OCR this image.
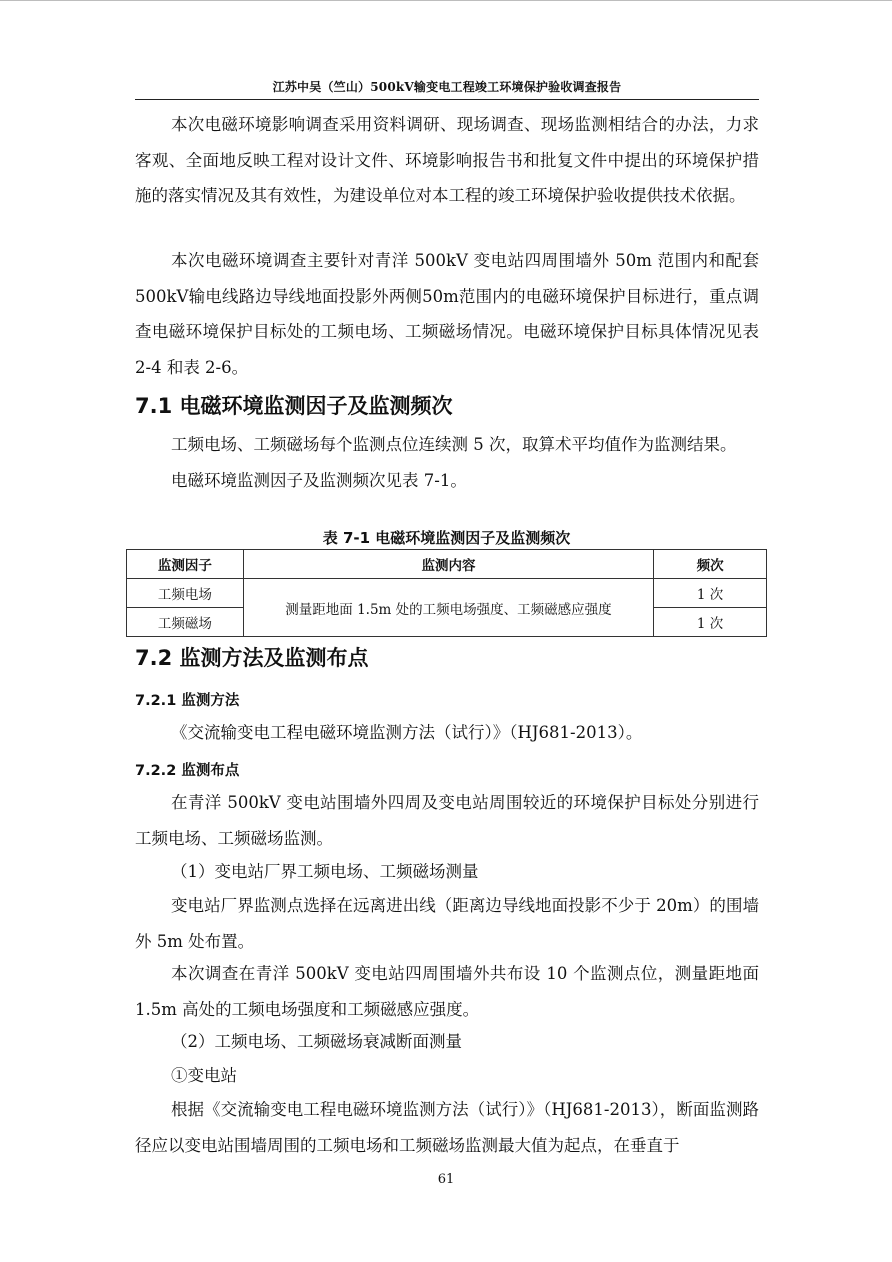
江苏中吴（竺山）500kV输变电工程竣工环境保护验收调查报告

本次电磁环境影响调查采用资料调研、现场调查、现场监测相结合的办法，力求客观、全面地反映工程对设计文件、环境影响报告书和批复文件中提出的环境保护措施的落实情况及其有效性，为建设单位对本工程的竣工环境保护验收提供技术依据。

本次电磁环境调查主要针对青洋 500kV 变电站四周围墙外 50m 范围内和配套500kV输电线路边导线地面投影外两侧50m范围内的电磁环境保护目标进行，重点调查电磁环境保护目标处的工频电场、工频磁场情况。电磁环境保护目标具体情况见表 2-4 和表 2-6。

7.1 电磁环境监测因子及监测频次

工频电场、工频磁场每个监测点位连续测 5 次，取算术平均值作为监测结果。

电磁环境监测因子及监测频次见表 7-1。

表 7-1 电磁环境监测因子及监测频次
监测因子	监测内容	频次
工频电场	测量距地面 1.5m 处的工频电场强度、工频磁感应强度	1 次
工频磁场		1 次
7.2 监测方法及监测布点
7.2.1 监测方法

《交流输变电工程电磁环境监测方法（试行）》（HJ681-2013）。

7.2.2 监测布点

在青洋 500kV 变电站围墙外四周及变电站周围较近的环境保护目标处分别进行工频电场、工频磁场监测。

（1）变电站厂界工频电场、工频磁场测量

变电站厂界监测点选择在远离进出线（距离边导线地面投影不少于 20m）的围墙外 5m 处布置。

本次调查在青洋 500kV 变电站四周围墙外共布设 10 个监测点位，测量距地面 1.5m 高处的工频电场强度和工频磁感应强度。

（2）工频电场、工频磁场衰减断面测量

①变电站

根据《交流输变电工程电磁环境监测方法（试行）》（HJ681-2013），断面监测路径应以变电站围墙周围的工频电场和工频磁场监测最大值为起点，在垂直于

61
